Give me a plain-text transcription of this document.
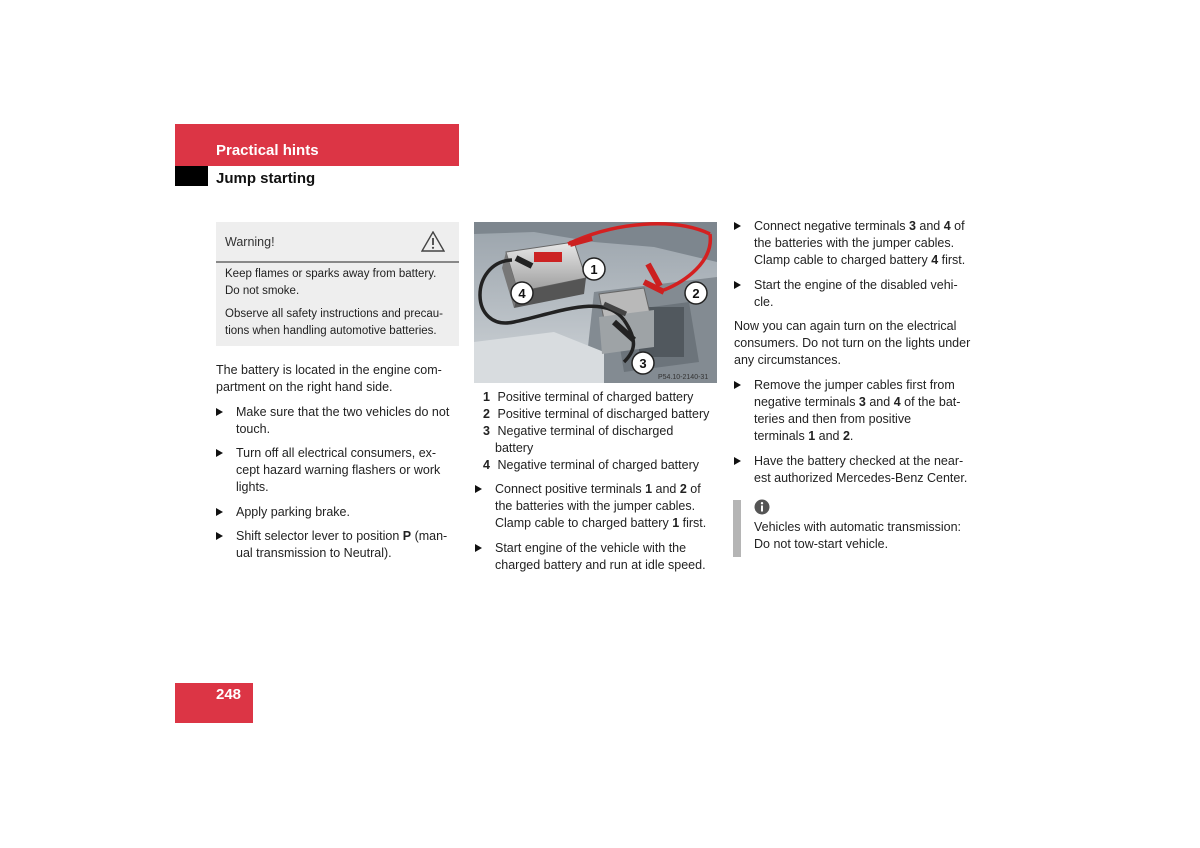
Practical hints
Jump starting
Warning!
Keep flames or sparks away from battery.
Do not smoke.
Observe all safety instructions and precau-
tions when handling automotive batteries.
The battery is located in the engine com-
partment on the right hand side.
Make sure that the two vehicles do not
touch.
Turn off all electrical consumers, ex-
cept hazard warning flashers or work
lights.
Apply parking brake.
Shift selector lever to position P (man-
ual transmission to Neutral).
1
2
3
4
P54.10-2140-31
1 Positive terminal of charged battery
2 Positive terminal of discharged battery
3 Negative terminal of discharged
battery
4 Negative terminal of charged battery
Connect positive terminals 1 and 2 of
the batteries with the jumper cables.
Clamp cable to charged battery 1 first.
Start engine of the vehicle with the
charged battery and run at idle speed.
Connect negative terminals 3 and 4 of
the batteries with the jumper cables.
Clamp cable to charged battery 4 first.
Start the engine of the disabled vehi-
cle.
Now you can again turn on the electrical
consumers. Do not turn on the lights under
any circumstances.
Remove the jumper cables first from
negative terminals 3 and 4 of the bat-
teries and then from positive
terminals 1 and 2.
Have the battery checked at the near-
est authorized Mercedes-Benz Center.
Vehicles with automatic transmission:
Do not tow-start vehicle.
248
